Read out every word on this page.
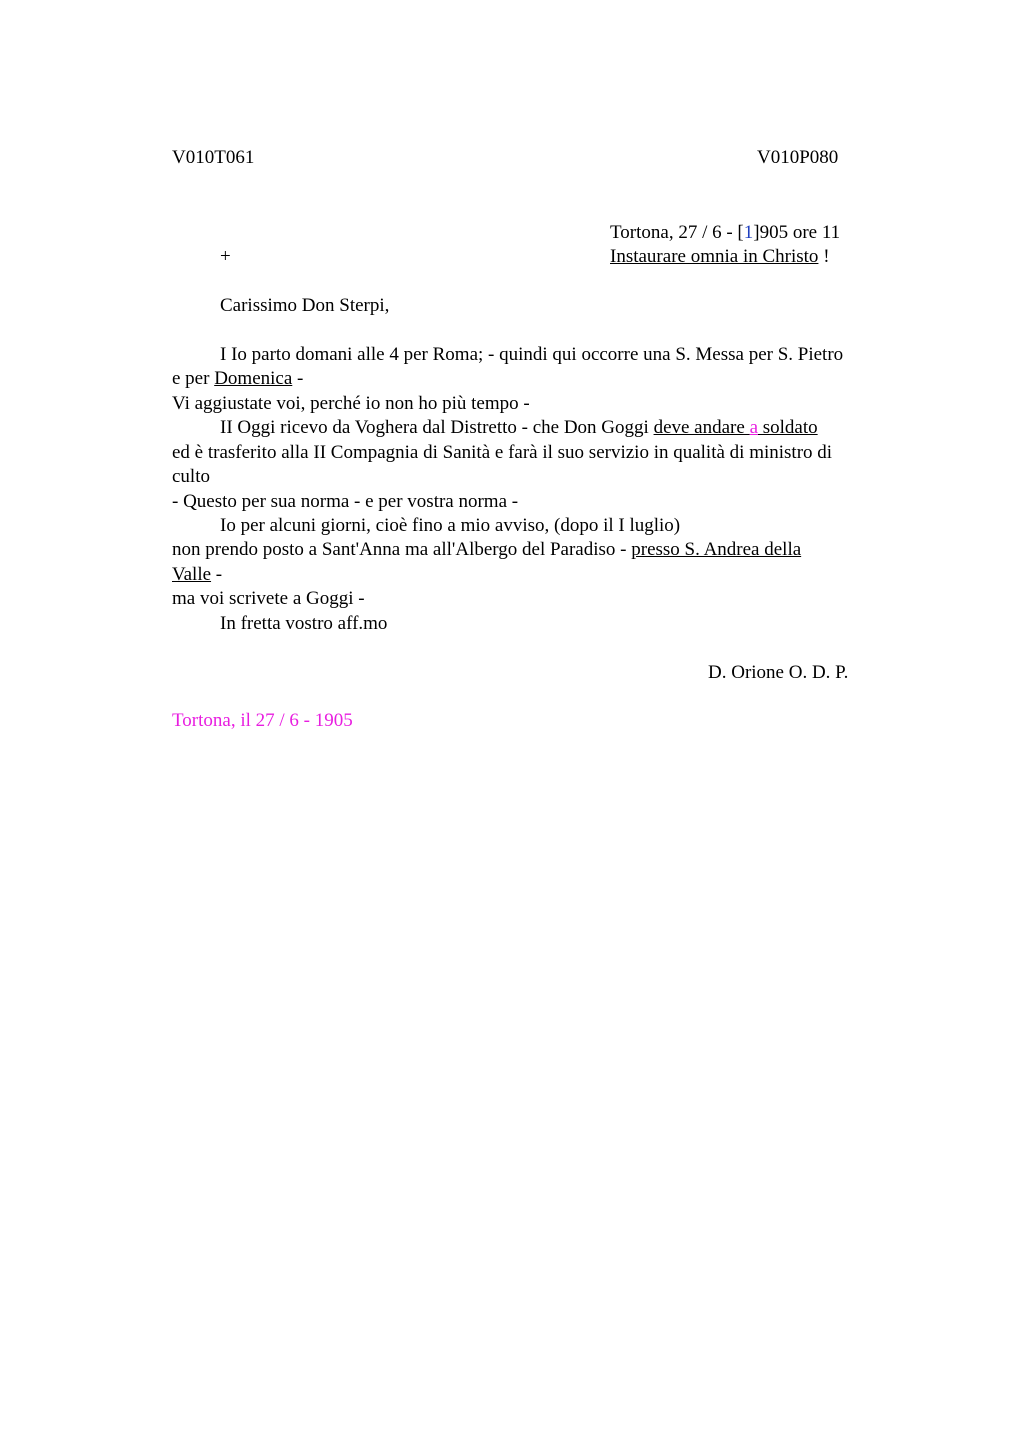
V010T061	V010P080
Tortona, 27 / 6 - [1]905 ore 11
+	Instaurare omnia in Christo !
Carissimo Don Sterpi,
I Io parto domani alle 4 per Roma; - quindi qui occorre una S. Messa per S. Pietro
e per Domenica -
Vi aggiustate voi, perché io non ho più tempo -
II Oggi ricevo da Voghera dal Distretto - che Don Goggi deve andare a soldato
ed è trasferito alla II Compagnia di Sanità e farà il suo servizio in qualità di ministro di
culto
- Questo per sua norma - e per vostra norma -
Io per alcuni giorni, cioè fino a mio avviso, (dopo il I luglio)
non prendo posto a Sant'Anna ma all'Albergo del Paradiso - presso S. Andrea della
Valle -
ma voi scrivete a Goggi -
In fretta vostro aff.mo
D. Orione O. D. P.
Tortona, il 27 / 6 - 1905
